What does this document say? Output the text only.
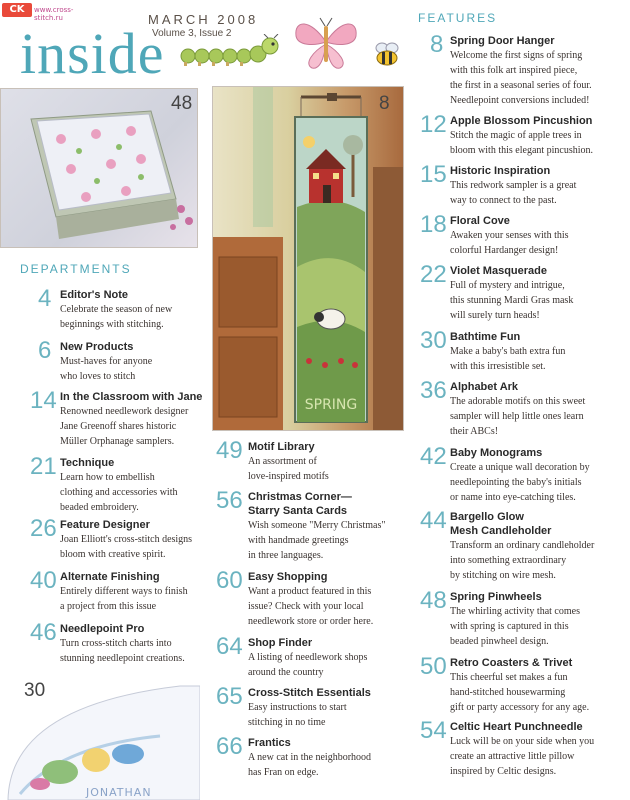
CK	www.cross-stitch.ru	MARCH 2008
Volume 3, Issue 2
inside
48
SPRING
8
JONATHAN
30
DEPARTMENTS
4 Editor's Note
Celebrate the season of new
beginnings with stitching.
6 New Products
Must-haves for anyone
who loves to stitch
14 In the Classroom with Jane
Renowned needlework designer
Jane Greenoff shares historic
Müller Orphanage samplers.
21 Technique
Learn how to embellish
clothing and accessories with
beaded embroidery.
26 Feature Designer
Joan Elliott's cross-stitch designs
bloom with creative spirit.
40 Alternate Finishing
Entirely different ways to finish
a project from this issue
46 Needlepoint Pro
Turn cross-stitch charts into
stunning needlepoint creations.
49 Motif Library
An assortment of
love-inspired motifs
56 Christmas Corner—
Starry Santa Cards
Wish someone "Merry Christmas"
with handmade greetings
in three languages.
60 Easy Shopping
Want a product featured in this
issue? Check with your local
needlework store or order here.
64 Shop Finder
A listing of needlework shops
around the country
65 Cross-Stitch Essentials
Easy instructions to start
stitching in no time
66 Frantics
A new cat in the neighborhood
has Fran on edge.
FEATURES
8 Spring Door Hanger
Welcome the first signs of spring
with this folk art inspired piece,
the first in a seasonal series of four.
Needlepoint conversions included!
12 Apple Blossom Pincushion
Stitch the magic of apple trees in
bloom with this elegant pincushion.
15 Historic Inspiration
This redwork sampler is a great
way to connect to the past.
18 Floral Cove
Awaken your senses with this
colorful Hardanger design!
22 Violet Masquerade
Full of mystery and intrigue,
this stunning Mardi Gras mask
will surely turn heads!
30 Bathtime Fun
Make a baby's bath extra fun
with this irresistible set.
36 Alphabet Ark
The adorable motifs on this sweet
sampler will help little ones learn
their ABCs!
42 Baby Monograms
Create a unique wall decoration by
needlepointing the baby's initials
or name into eye-catching tiles.
44 Bargello Glow
Mesh Candleholder
Transform an ordinary candleholder
into something extraordinary
by stitching on wire mesh.
48 Spring Pinwheels
The whirling activity that comes
with spring is captured in this
beaded pinwheel design.
50 Retro Coasters & Trivet
This cheerful set makes a fun
hand-stitched housewarming
gift or party accessory for any age.
54 Celtic Heart Punchneedle
Luck will be on your side when you
create an attractive little pillow
inspired by Celtic designs.
